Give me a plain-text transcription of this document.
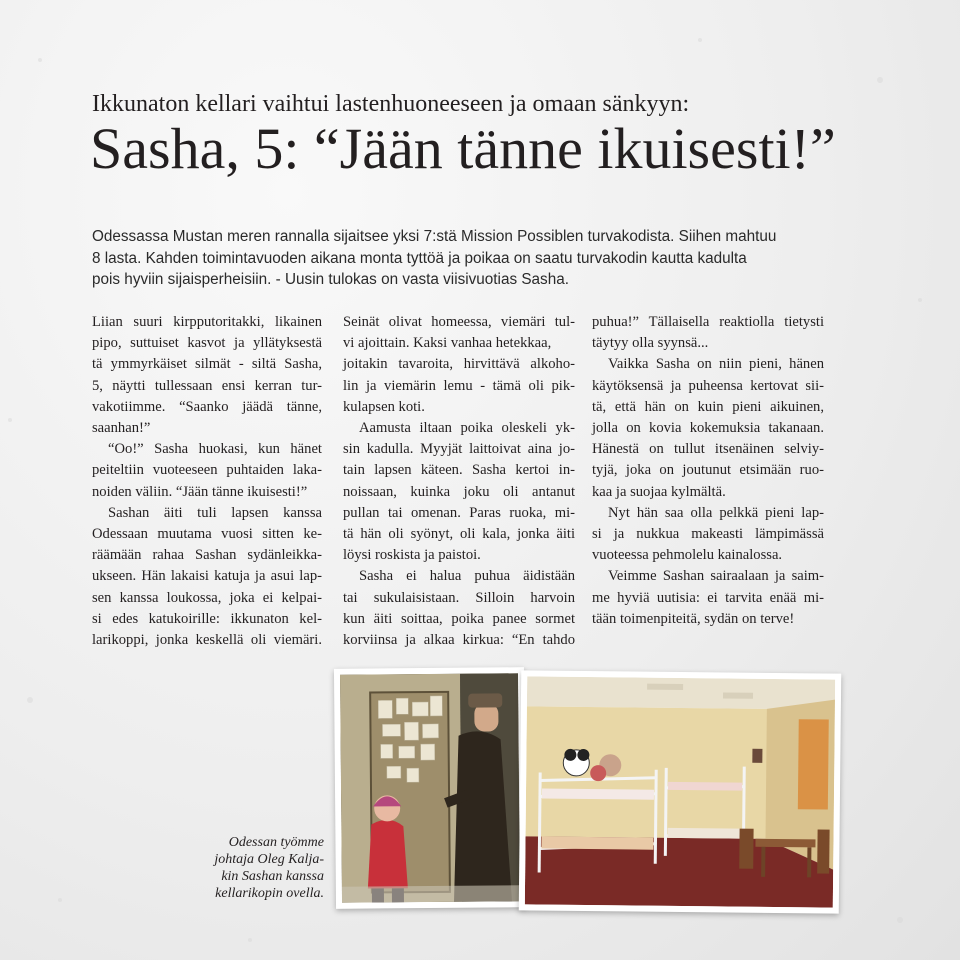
Ikkunaton kellari vaihtui lastenhuoneeseen ja omaan sänkyyn:
Sasha, 5: “Jään tänne ikuisesti!”
Odessassa Mustan meren rannalla sijaitsee yksi 7:stä Mission Possiblen turvakodista. Siihen mahtuu
8 lasta. Kahden toimintavuoden aikana monta tyttöä ja poikaa on saatu turvakodin kautta kadulta
pois hyviin sijaisperheisiin. - Uusin tulokas on vasta viisivuotias Sasha.
Liian suuri kirpputoritakki, likainen
pipo, suttuiset kasvot ja yllätyksestä
tä ymmyrkäiset silmät - siltä Sasha,
5, näytti tullessaan ensi kerran tur-
vakotiimme. “Saanko jäädä tänne,
saanhan!”
“Oo!” Sasha huokasi, kun hänet
peiteltiin vuoteeseen puhtaiden laka-
noiden väliin. “Jään tänne ikuisesti!”
Sashan äiti tuli lapsen kanssa
Odessaan muutama vuosi sitten ke-
räämään rahaa Sashan sydänleikka-
ukseen. Hän lakaisi katuja ja asui lap-
sen kanssa loukossa, joka ei kelpai-
si edes katukoirille: ikkunaton kel-
larikoppi, jonka keskellä oli viemäri.
Seinät olivat homeessa, viemäri tul-
vi ajoittain. Kaksi vanhaa hetekkaa,
joitakin tavaroita, hirvittävä alkoho-
lin ja viemärin lemu - tämä oli pik-
kulapsen koti.
Aamusta iltaan poika oleskeli yk-
sin kadulla. Myyjät laittoivat aina jo-
tain lapsen käteen. Sasha kertoi in-
noissaan, kuinka joku oli antanut
pullan tai omenan. Paras ruoka, mi-
tä hän oli syönyt, oli kala, jonka äiti
löysi roskista ja paistoi.
Sasha ei halua puhua äidistään
tai sukulaisistaan. Silloin harvoin
kun äiti soittaa, poika panee sormet
korviinsa ja alkaa kirkua: “En tahdo
puhua!” Tällaisella reaktiolla tietysti
täytyy olla syynsä...
Vaikka Sasha on niin pieni, hänen
käytöksensä ja puheensa kertovat sii-
tä, että hän on kuin pieni aikuinen,
jolla on kovia kokemuksia takanaan.
Hänestä on tullut itsenäinen selviy-
tyjä, joka on joutunut etsimään ruo-
kaa ja suojaa kylmältä.
Nyt hän saa olla pelkkä pieni lap-
si ja nukkua makeasti lämpimässä
vuoteessa pehmolelu kainalossa.
Veimme Sashan sairaalaan ja saim-
me hyviä uutisia: ei tarvita enää mi-
tään toimenpiteitä, sydän on terve!
Odessan työmme
johtaja Oleg Kalja-
kin Sashan kanssa
kellarikopin ovella.
